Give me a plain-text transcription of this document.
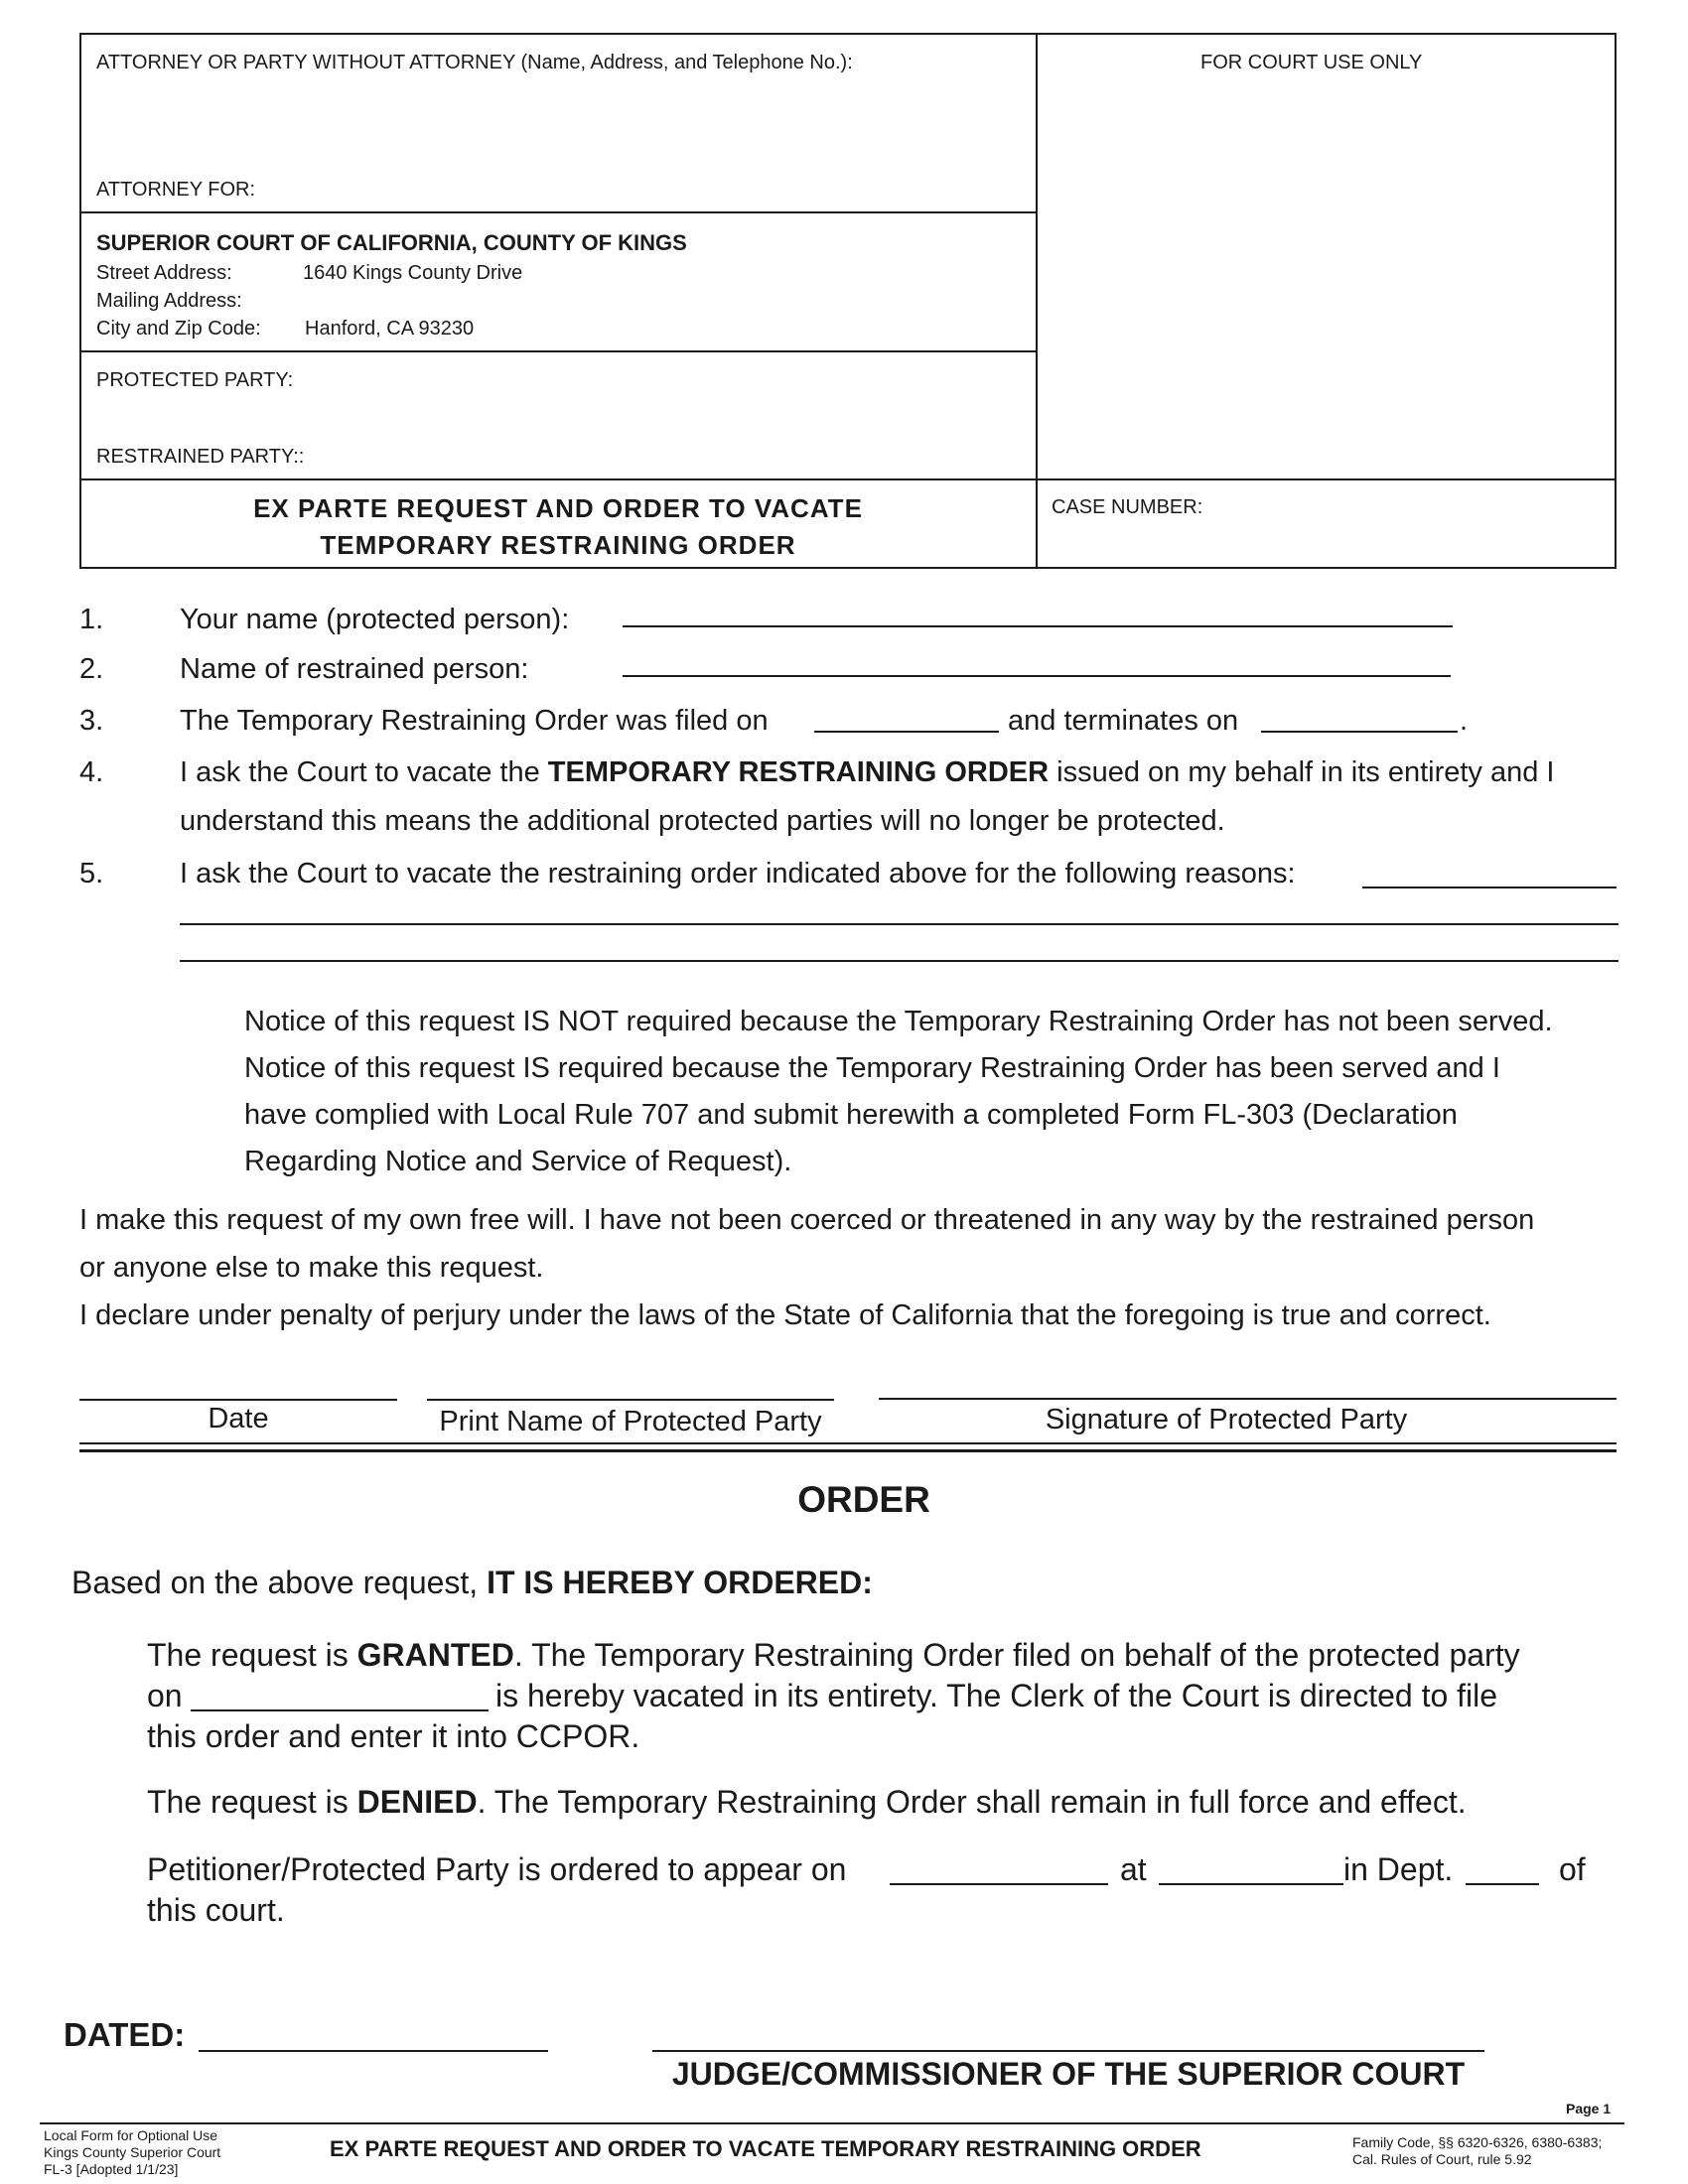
ATTORNEY OR PARTY WITHOUT ATTORNEY (Name, Address, and Telephone No.):
ATTORNEY FOR:
FOR COURT USE ONLY
SUPERIOR COURT OF CALIFORNIA, COUNTY OF KINGS
Street Address:	1640 Kings County Drive
Mailing Address:
City and Zip Code: Hanford, CA 93230
PROTECTED PARTY:
RESTRAINED PARTY::
EX PARTE REQUEST AND ORDER TO VACATE
TEMPORARY RESTRAINING ORDER
CASE NUMBER:
1.	Your name (protected person):
2.	Name of restrained person:
3.	The Temporary Restraining Order was filed on	and terminates on	.
4.	I ask the Court to vacate the TEMPORARY RESTRAINING ORDER issued on my behalf in its entirety and I
understand this means the additional protected parties will no longer be protected.
5.	I ask the Court to vacate the restraining order indicated above for the following reasons:
Notice of this request IS NOT required because the Temporary Restraining Order has not been served.
Notice of this request IS required because the Temporary Restraining Order has been served and I
have complied with Local Rule 707 and submit herewith a completed Form FL-303 (Declaration
Regarding Notice and Service of Request).
I make this request of my own free will. I have not been coerced or threatened in any way by the restrained person
or anyone else to make this request.
I declare under penalty of perjury under the laws of the State of California that the foregoing is true and correct.
Date	Print Name of Protected Party	Signature of Protected Party
ORDER
Based on the above request, IT IS HEREBY ORDERED:
The request is GRANTED. The Temporary Restraining Order filed on behalf of the protected party
on	is hereby vacated in its entirety. The Clerk of the Court is directed to file
this order and enter it into CCPOR.
The request is DENIED. The Temporary Restraining Order shall remain in full force and effect.
Petitioner/Protected Party is ordered to appear on	at	in Dept.	of
this court.
DATED:
JUDGE/COMMISSIONER OF THE SUPERIOR COURT
Page 1
Local Form for Optional Use
Kings County Superior Court
FL-3 [Adopted 1/1/23]
EX PARTE REQUEST AND ORDER TO VACATE TEMPORARY RESTRAINING ORDER	Family Code, §§ 6320-6326, 6380-6383;
Cal. Rules of Court, rule 5.92
